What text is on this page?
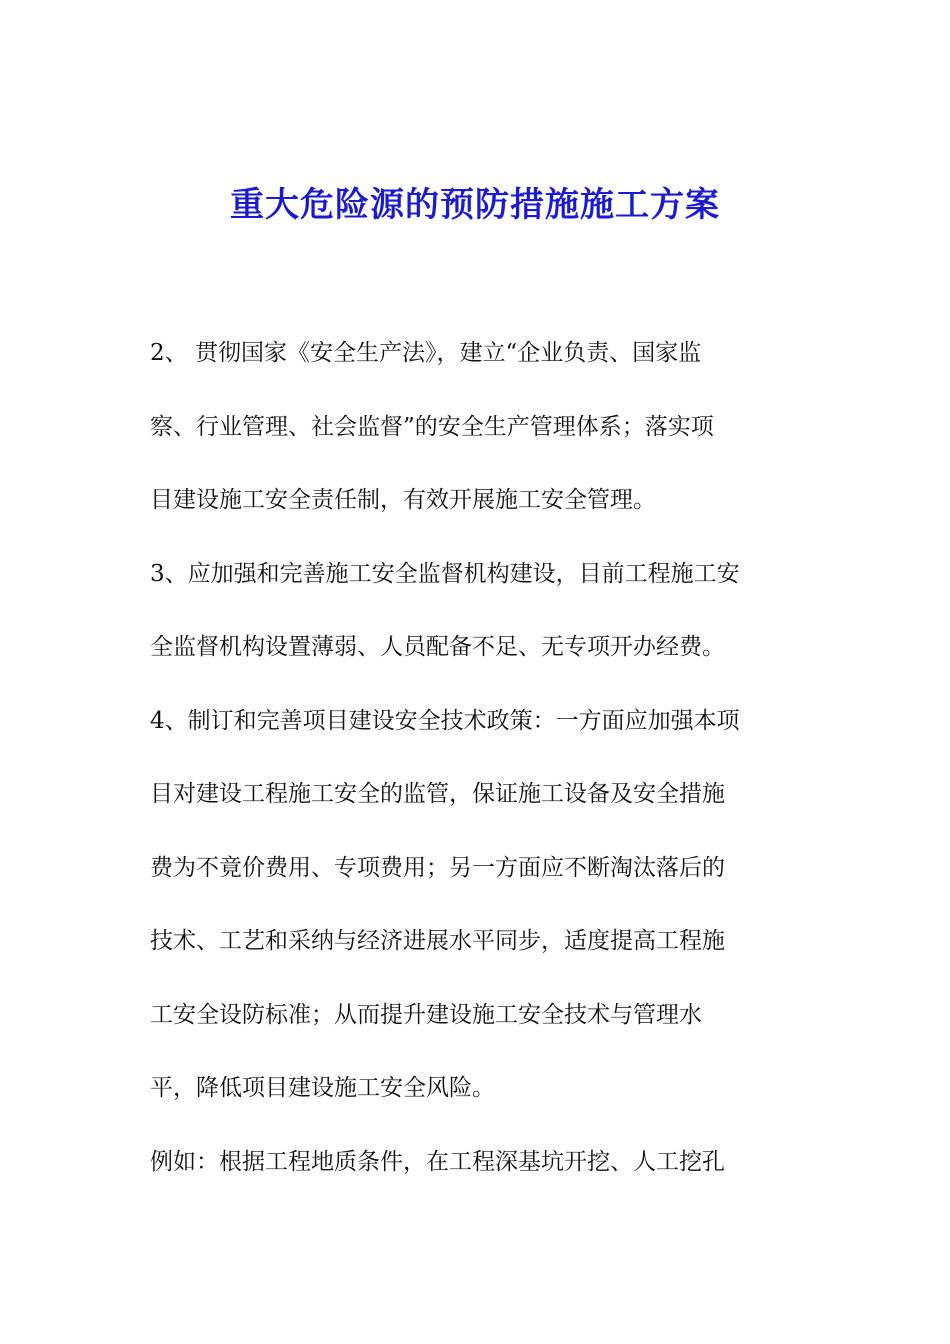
重大危险源的预防措施施工方案
2、 贯彻国家《安全生产法》，建立“企业负责、国家监
察、行业管理、社会监督”的安全生产管理体系；落实项
目建设施工安全责任制，有效开展施工安全管理。
3、应加强和完善施工安全监督机构建设，目前工程施工安
全监督机构设置薄弱、人员配备不足、无专项开办经费。
4、制订和完善项目建设安全技术政策：一方面应加强本项
目对建设工程施工安全的监管，保证施工设备及安全措施
费为不竟价费用、专项费用；另一方面应不断淘汰落后的
技术、工艺和采纳与经济进展水平同步，适度提高工程施
工安全设防标准；从而提升建设施工安全技术与管理水
平，降低项目建设施工安全风险。
例如：根据工程地质条件，在工程深基坑开挖、人工挖孔
